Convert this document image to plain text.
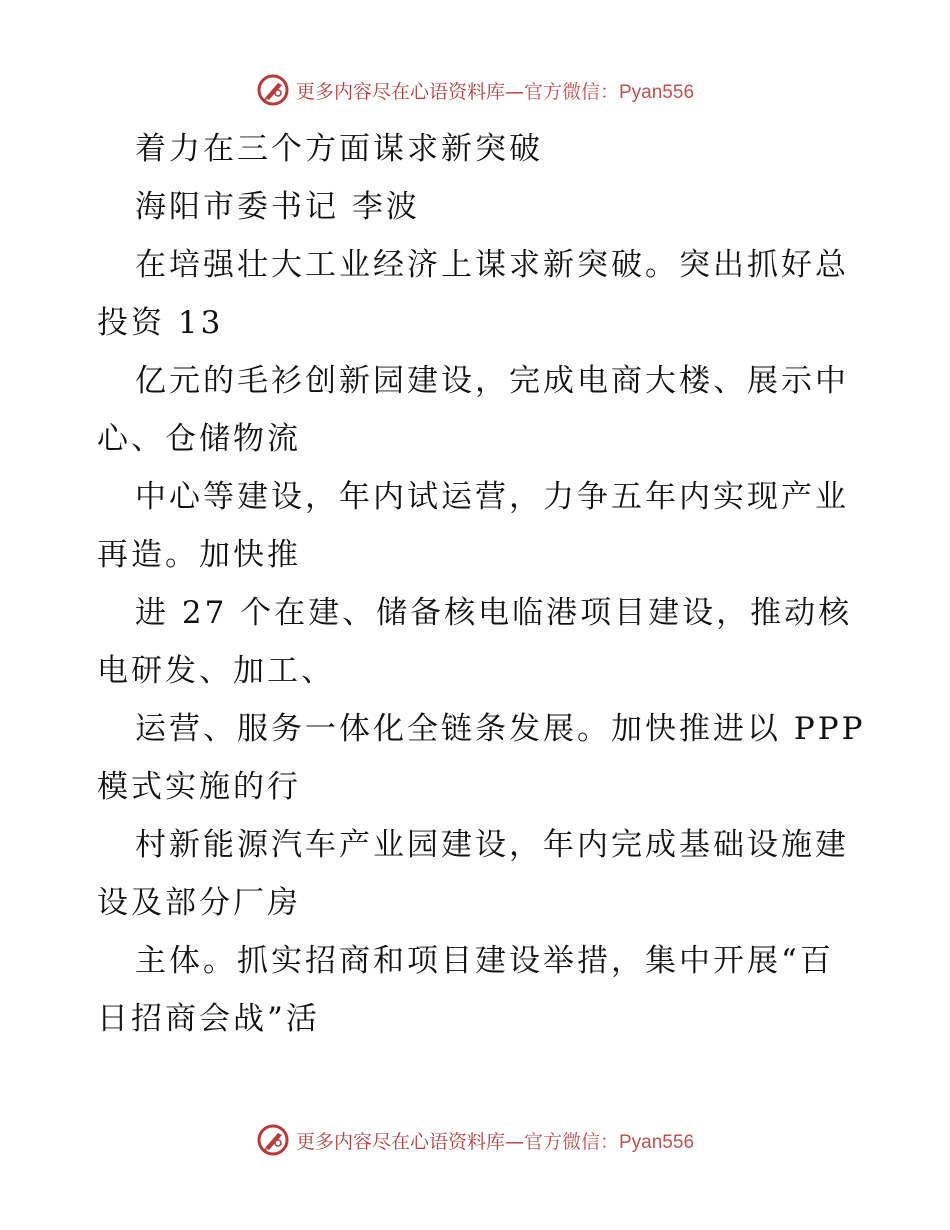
更多内容尽在心语资料库—官方微信：Pyan556
着力在三个方面谋求新突破
海阳市委书记 李波
在培强壮大工业经济上谋求新突破。突出抓好总
投资 13
亿元的毛衫创新园建设，完成电商大楼、展示中
心、仓储物流
中心等建设，年内试运营，力争五年内实现产业
再造。加快推
进 27 个在建、储备核电临港项目建设，推动核
电研发、加工、
运营、服务一体化全链条发展。加快推进以 PPP
模式实施的行
村新能源汽车产业园建设，年内完成基础设施建
设及部分厂房
主体。抓实招商和项目建设举措，集中开展“百
日招商会战”活
更多内容尽在心语资料库—官方微信：Pyan556
